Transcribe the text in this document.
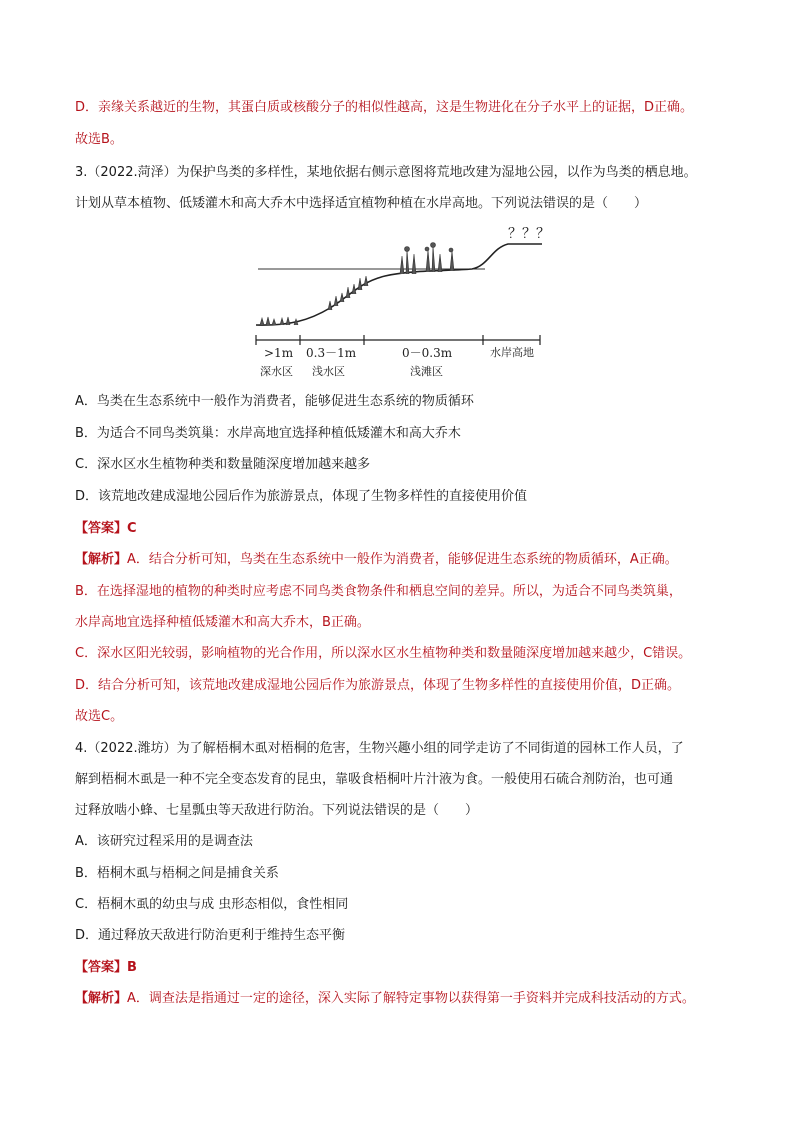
D．亲缘关系越近的生物，其蛋白质或核酸分子的相似性越高，这是生物进化在分子水平上的证据，D正确。
故选B。
3.（2022.菏泽）为保护鸟类的多样性，某地依据右侧示意图将荒地改建为湿地公园，以作为鸟类的栖息地。
计划从草本植物、低矮灌木和高大乔木中选择适宜植物种植在水岸高地。下列说法错误的是（　　）
？？？
>1m
深水区
0.3－1m
浅水区
0－0.3m
浅滩区
水岸高地
A．鸟类在生态系统中一般作为消费者，能够促进生态系统的物质循环
B．为适合不同鸟类筑巢：水岸高地宜选择种植低矮灌木和高大乔木
C．深水区水生植物种类和数量随深度增加越来越多
D．该荒地改建成湿地公园后作为旅游景点，体现了生物多样性的直接使用价值
【答案】C
【解析】A．结合分析可知，鸟类在生态系统中一般作为消费者，能够促进生态系统的物质循环，A正确。
B．在选择湿地的植物的种类时应考虑不同鸟类食物条件和栖息空间的差异。所以，为适合不同鸟类筑巢，
水岸高地宜选择种植低矮灌木和高大乔木，B正确。
C．深水区阳光较弱，影响植物的光合作用，所以深水区水生植物种类和数量随深度增加越来越少，C错误。
D．结合分析可知，该荒地改建成湿地公园后作为旅游景点，体现了生物多样性的直接使用价值，D正确。
故选C。
4.（2022.潍坊）为了解梧桐木虱对梧桐的危害，生物兴趣小组的同学走访了不同街道的园林工作人员，了
解到梧桐木虱是一种不完全变态发育的昆虫，靠吸食梧桐叶片汁液为食。一般使用石硫合剂防治，也可通
过释放啮小蜂、七星瓢虫等天敌进行防治。下列说法错误的是（　　）
A．该研究过程采用的是调查法
B．梧桐木虱与梧桐之间是捕食关系
C．梧桐木虱的幼虫与成 虫形态相似，食性相同
D．通过释放天敌进行防治更利于维持生态平衡
【答案】B
【解析】A．调查法是指通过一定的途径，深入实际了解特定事物以获得第一手资料并完成科技活动的方式。
